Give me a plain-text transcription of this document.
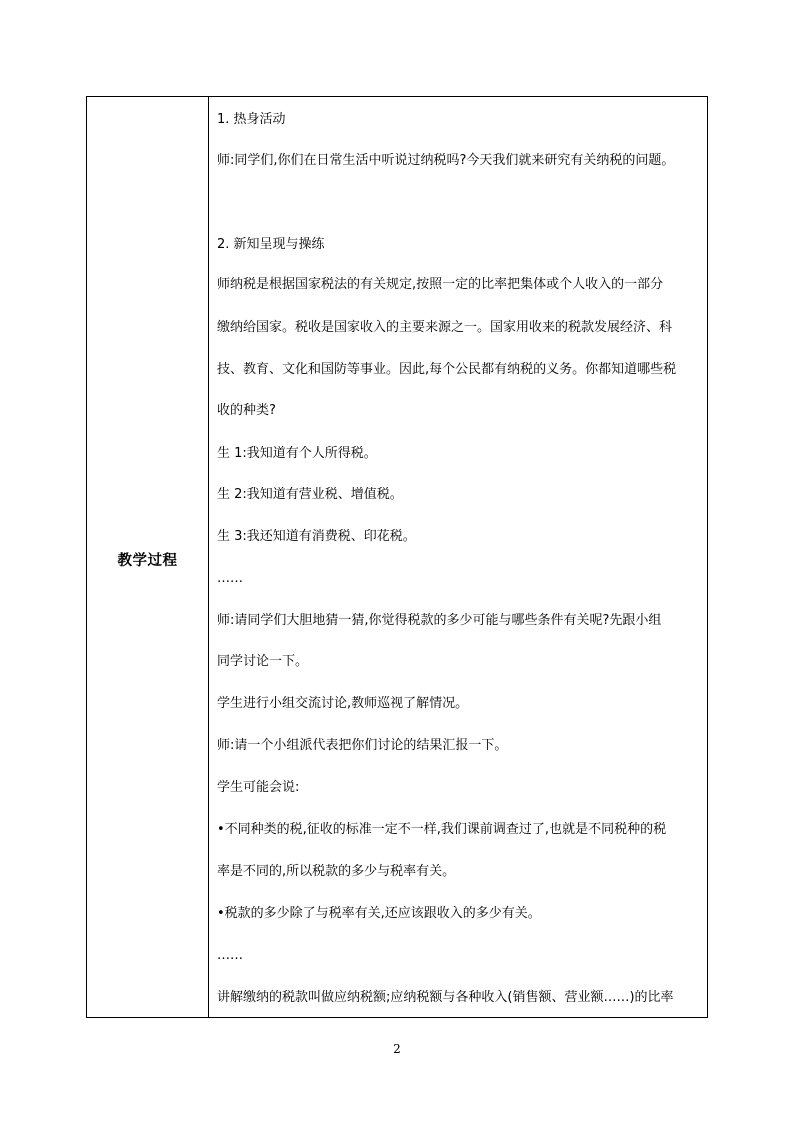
教学过程
1. 热身活动
师:同学们,你们在日常生活中听说过纳税吗?今天我们就来研究有关纳税的问题。
2. 新知呈现与操练
师纳税是根据国家税法的有关规定,按照一定的比率把集体或个人收入的一部分
缴纳给国家。税收是国家收入的主要来源之一。国家用收来的税款发展经济、科
技、教育、文化和国防等事业。因此,每个公民都有纳税的义务。你都知道哪些税
收的种类?
生 1:我知道有个人所得税。
生 2:我知道有营业税、增值税。
生 3:我还知道有消费税、印花税。
……
师:请同学们大胆地猜一猜,你觉得税款的多少可能与哪些条件有关呢?先跟小组
同学讨论一下。
学生进行小组交流讨论,教师巡视了解情况。
师:请一个小组派代表把你们讨论的结果汇报一下。
学生可能会说:
•不同种类的税,征收的标准一定不一样,我们课前调查过了,也就是不同税种的税
率是不同的,所以税款的多少与税率有关。
•税款的多少除了与税率有关,还应该跟收入的多少有关。
……
讲解缴纳的税款叫做应纳税额;应纳税额与各种收入(销售额、营业额……)的比率
2
